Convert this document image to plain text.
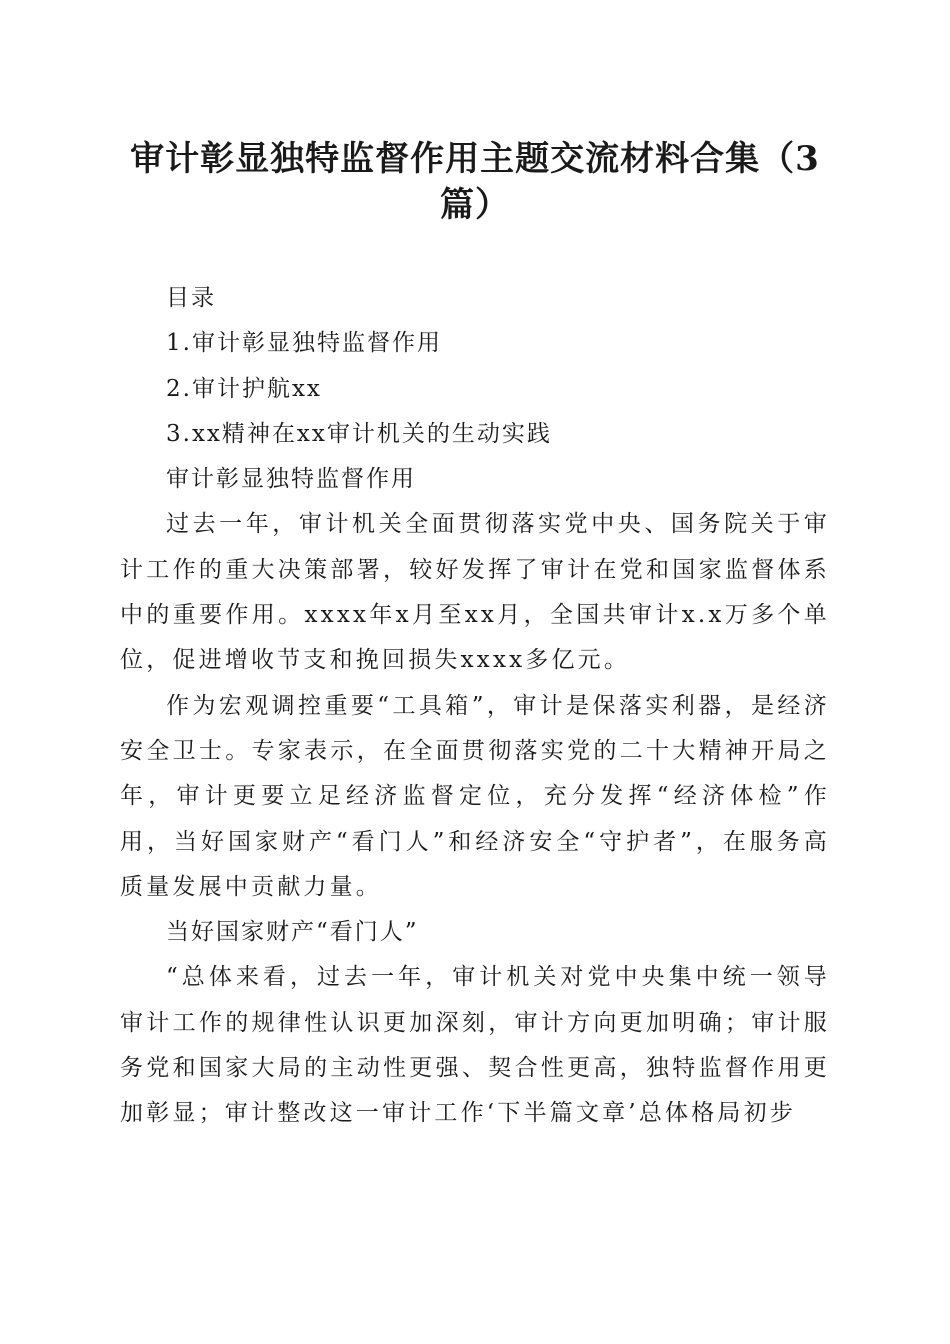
审计彰显独特监督作用主题交流材料合集（3篇）

目录

1.审计彰显独特监督作用

2.审计护航xx

3.xx精神在xx审计机关的生动实践

审计彰显独特监督作用

过去一年，审计机关全面贯彻落实党中央、国务院关于审计工作的重大决策部署，较好发挥了审计在党和国家监督体系中的重要作用。xxxx年x月至xx月，全国共审计x.x万多个单位，促进增收节支和挽回损失xxxx多亿元。

作为宏观调控重要“工具箱”，审计是保落实利器，是经济安全卫士。专家表示，在全面贯彻落实党的二十大精神开局之年，审计更要立足经济监督定位，充分发挥“经济体检”作用，当好国家财产“看门人”和经济安全“守护者”，在服务高质量发展中贡献力量。

当好国家财产“看门人”

“总体来看，过去一年，审计机关对党中央集中统一领导审计工作的规律性认识更加深刻，审计方向更加明确；审计服务党和国家大局的主动性更强、契合性更高，独特监督作用更加彰显；审计整改这一审计工作‘下半篇文章’总体格局初步
